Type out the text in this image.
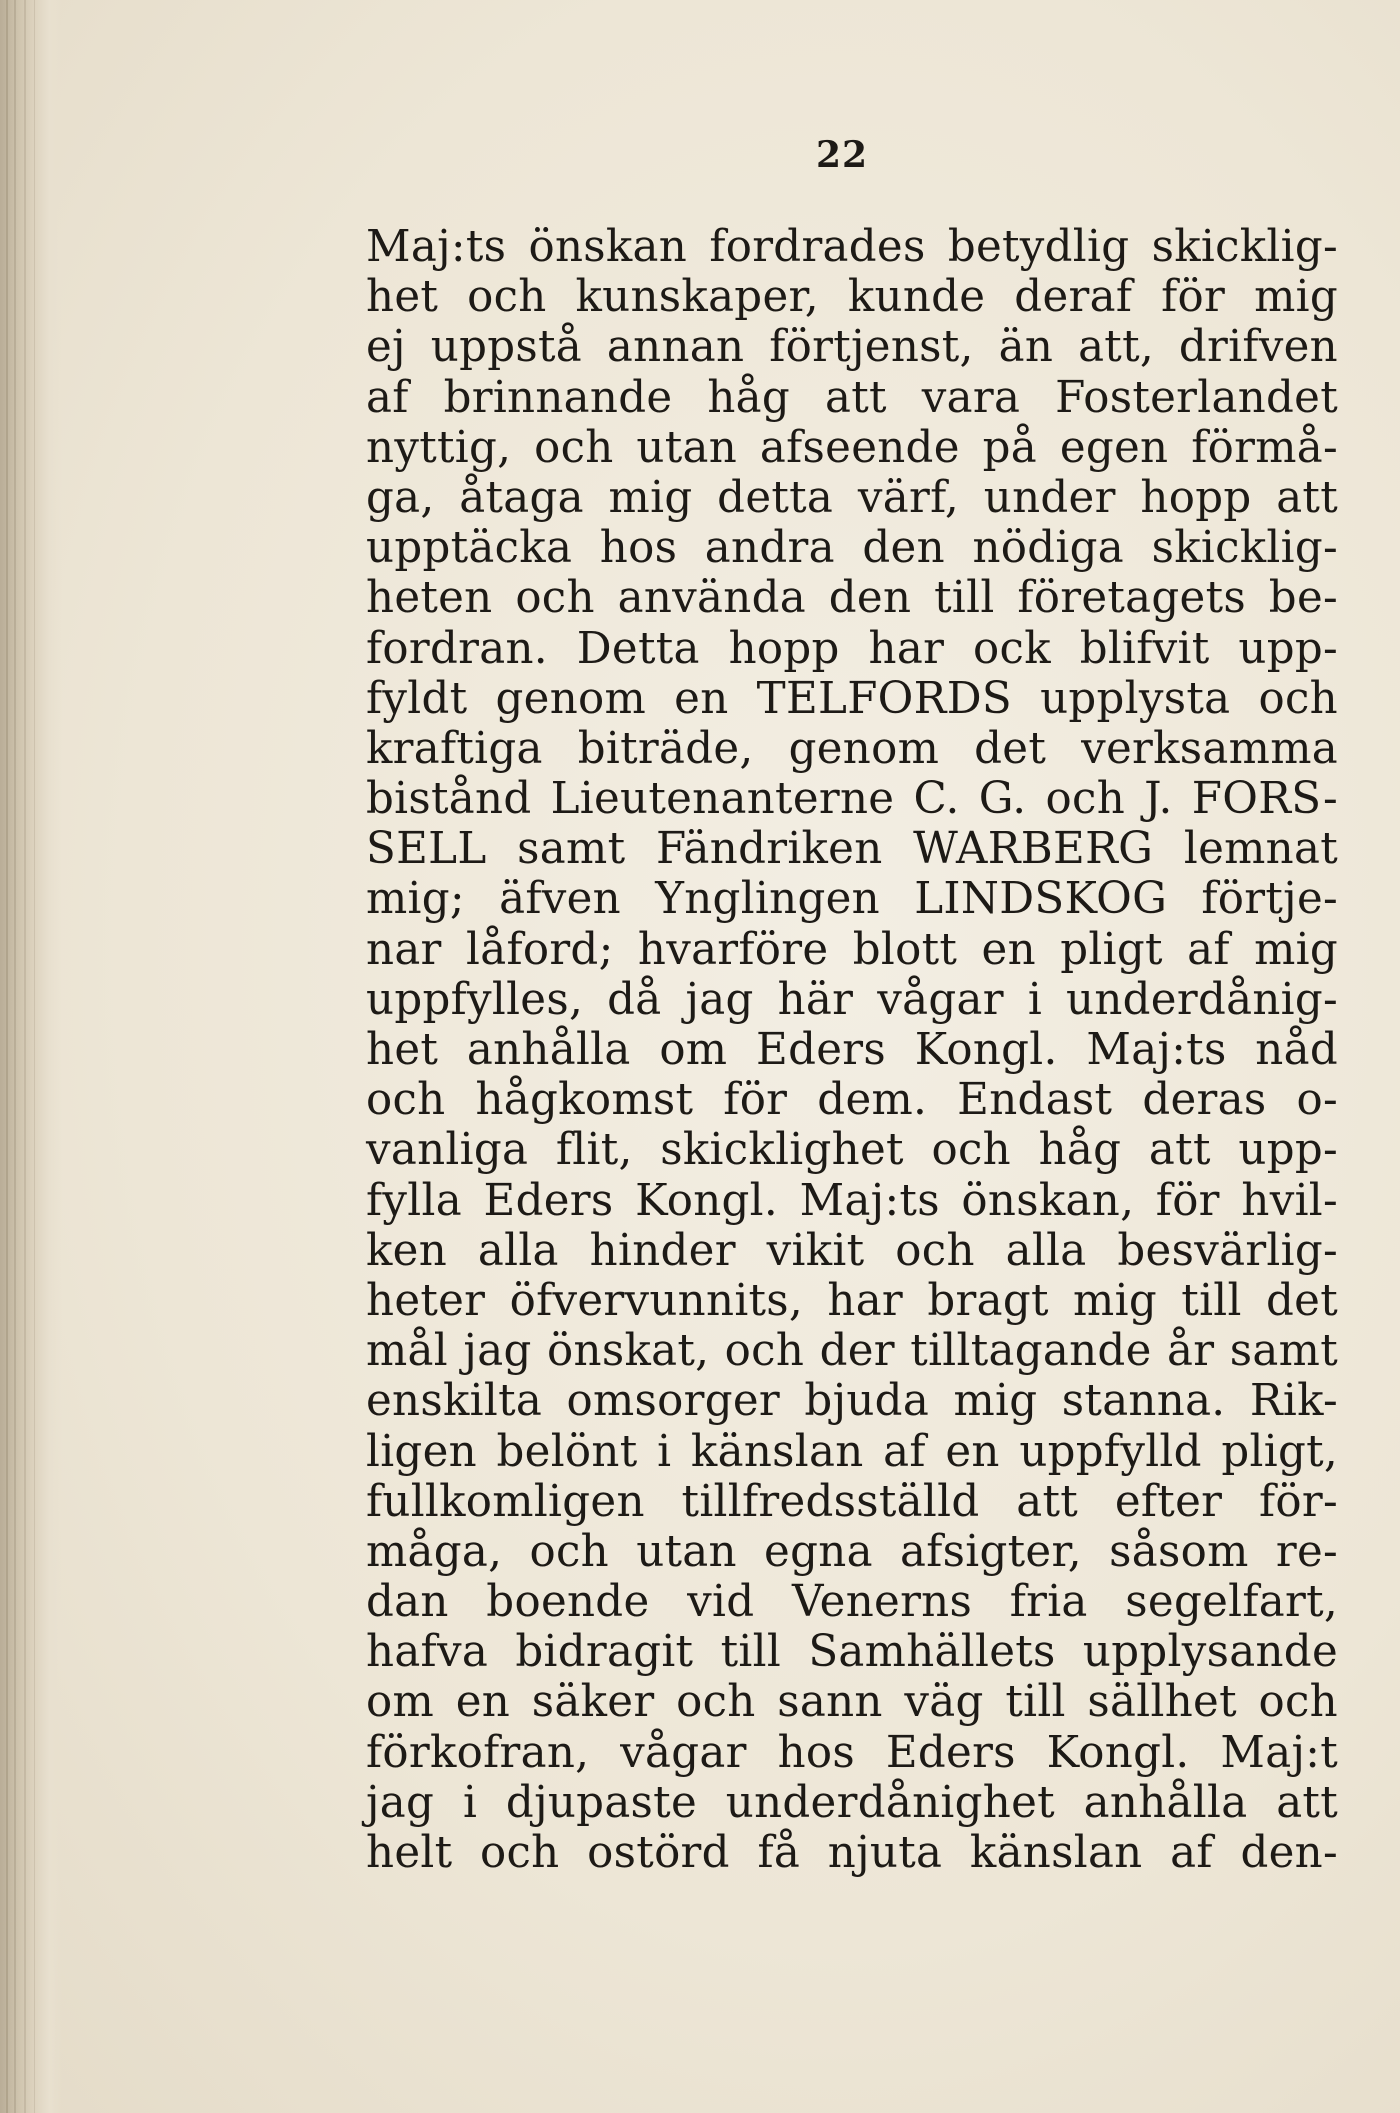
22
Maj:ts önskan fordrades betydlig skicklig-
het och kunskaper, kunde deraf för mig
ej uppstå annan förtjenst, än att, drifven
af brinnande håg att vara Fosterlandet
nyttig, och utan afseende på egen förmå-
ga, åtaga mig detta värf, under hopp att
upptäcka hos andra den nödiga skicklig-
heten och använda den till företagets be-
fordran. Detta hopp har ock blifvit upp-
fyldt genom en TELFORDS upplysta och
kraftiga biträde, genom det verksamma
bistånd Lieutenanterne C. G. och J. FORS-
SELL samt Fändriken WARBERG lemnat
mig; äfven Ynglingen LINDSKOG förtje-
nar låford; hvarföre blott en pligt af mig
uppfylles, då jag här vågar i underdånig-
het anhålla om Eders Kongl. Maj:ts nåd
och hågkomst för dem. Endast deras o-
vanliga flit, skicklighet och håg att upp-
fylla Eders Kongl. Maj:ts önskan, för hvil-
ken alla hinder vikit och alla besvärlig-
heter öfvervunnits, har bragt mig till det
mål jag önskat, och der tilltagande år samt
enskilta omsorger bjuda mig stanna. Rik-
ligen belönt i känslan af en uppfylld pligt,
fullkomligen tillfredsställd att efter för-
måga, och utan egna afsigter, såsom re-
dan boende vid Venerns fria segelfart,
hafva bidragit till Samhällets upplysande
om en säker och sann väg till sällhet och
förkofran, vågar hos Eders Kongl. Maj:t
jag i djupaste underdånighet anhålla att
helt och ostörd få njuta känslan af den-
